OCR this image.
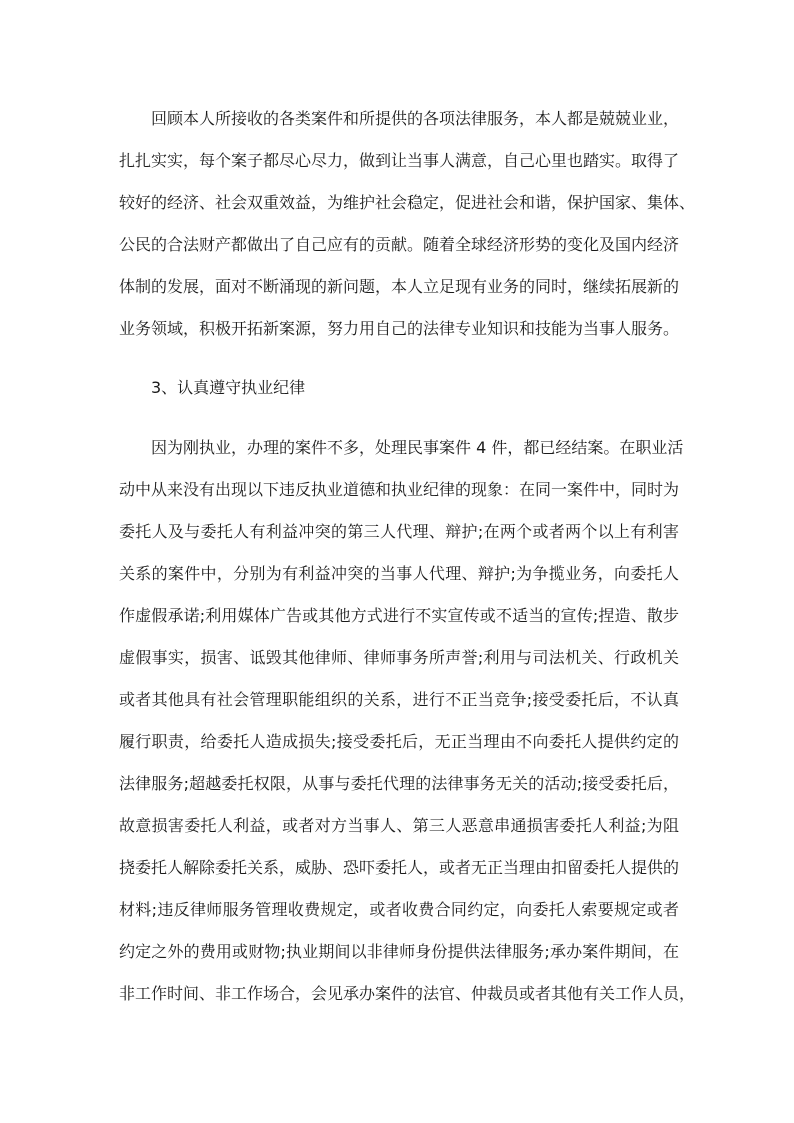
　　回顾本人所接收的各类案件和所提供的各项法律服务，本人都是兢兢业业，
扎扎实实，每个案子都尽心尽力，做到让当事人满意，自己心里也踏实。取得了
较好的经济、社会双重效益，为维护社会稳定，促进社会和谐，保护国家、集体、
公民的合法财产都做出了自己应有的贡献。随着全球经济形势的变化及国内经济
体制的发展，面对不断涌现的新问题，本人立足现有业务的同时，继续拓展新的
业务领域，积极开拓新案源，努力用自己的法律专业知识和技能为当事人服务。
　　3、认真遵守执业纪律
　　因为刚执业，办理的案件不多，处理民事案件 4 件，都已经结案。在职业活
动中从来没有出现以下违反执业道德和执业纪律的现象：在同一案件中，同时为
委托人及与委托人有利益冲突的第三人代理、辩护;在两个或者两个以上有利害
关系的案件中，分别为有利益冲突的当事人代理、辩护;为争揽业务，向委托人
作虚假承诺;利用媒体广告或其他方式进行不实宣传或不适当的宣传;捏造、散步
虚假事实，损害、诋毁其他律师、律师事务所声誉;利用与司法机关、行政机关
或者其他具有社会管理职能组织的关系，进行不正当竞争;接受委托后，不认真
履行职责，给委托人造成损失;接受委托后，无正当理由不向委托人提供约定的
法律服务;超越委托权限，从事与委托代理的法律事务无关的活动;接受委托后，
故意损害委托人利益，或者对方当事人、第三人恶意串通损害委托人利益;为阻
挠委托人解除委托关系，威胁、恐吓委托人，或者无正当理由扣留委托人提供的
材料;违反律师服务管理收费规定，或者收费合同约定，向委托人索要规定或者
约定之外的费用或财物;执业期间以非律师身份提供法律服务;承办案件期间，在
非工作时间、非工作场合，会见承办案件的法官、仲裁员或者其他有关工作人员，
